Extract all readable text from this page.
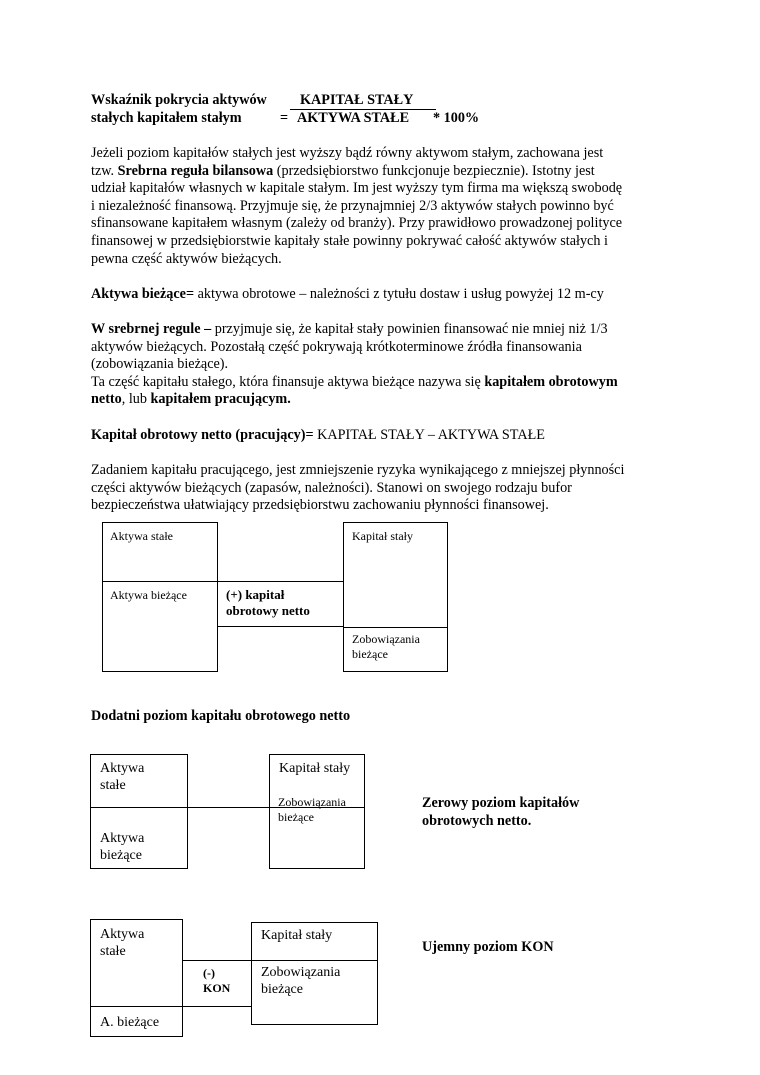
Wskaźnik pokrycia aktywów KAPITAŁ STAŁY
stałych kapitałem stałym	= AKTYWA STAŁE * 100%
Jeżeli poziom kapitałów stałych jest wyższy bądź równy aktywom stałym, zachowana jest
tzw. Srebrna reguła bilansowa (przedsiębiorstwo funkcjonuje bezpiecznie). Istotny jest
udział kapitałów własnych w kapitale stałym. Im jest wyższy tym firma ma większą swobodę
i niezależność finansową. Przyjmuje się, że przynajmniej 2/3 aktywów stałych powinno być
sfinansowane kapitałem własnym (zależy od branży). Przy prawidłowo prowadzonej polityce
finansowej w przedsiębiorstwie kapitały stałe powinny pokrywać całość aktywów stałych i
pewna część aktywów bieżących.
Aktywa bieżące= aktywa obrotowe – należności z tytułu dostaw i usług powyżej 12 m-cy
W srebrnej regule – przyjmuje się, że kapitał stały powinien finansować nie mniej niż 1/3
aktywów bieżących. Pozostałą część pokrywają krótkoterminowe źródła finansowania
(zobowiązania bieżące).
Ta część kapitału stałego, która finansuje aktywa bieżące nazywa się kapitałem obrotowym
netto, lub kapitałem pracującym.
Kapitał obrotowy netto (pracujący)= KAPITAŁ STAŁY – AKTYWA STAŁE
Zadaniem kapitału pracującego, jest zmniejszenie ryzyka wynikającego z mniejszej płynności
części aktywów bieżących (zapasów, należności). Stanowi on swojego rodzaju bufor
bezpieczeństwa ułatwiający przedsiębiorstwu zachowaniu płynności finansowej.
Aktywa stałe
Aktywa bieżące	(+) kapitał
obrotowy netto
Kapitał stały
Zobowiązania
bieżące
Dodatni poziom kapitału obrotowego netto
Aktywa
stałe
Aktywa
bieżące
Kapitał stały
Zobowiązania
bieżące
Zerowy poziom kapitałów
obrotowych netto.
Aktywa
stałe
(-)
KON
A. bieżące
Kapitał stały
Zobowiązania
bieżące
Ujemny poziom KON
